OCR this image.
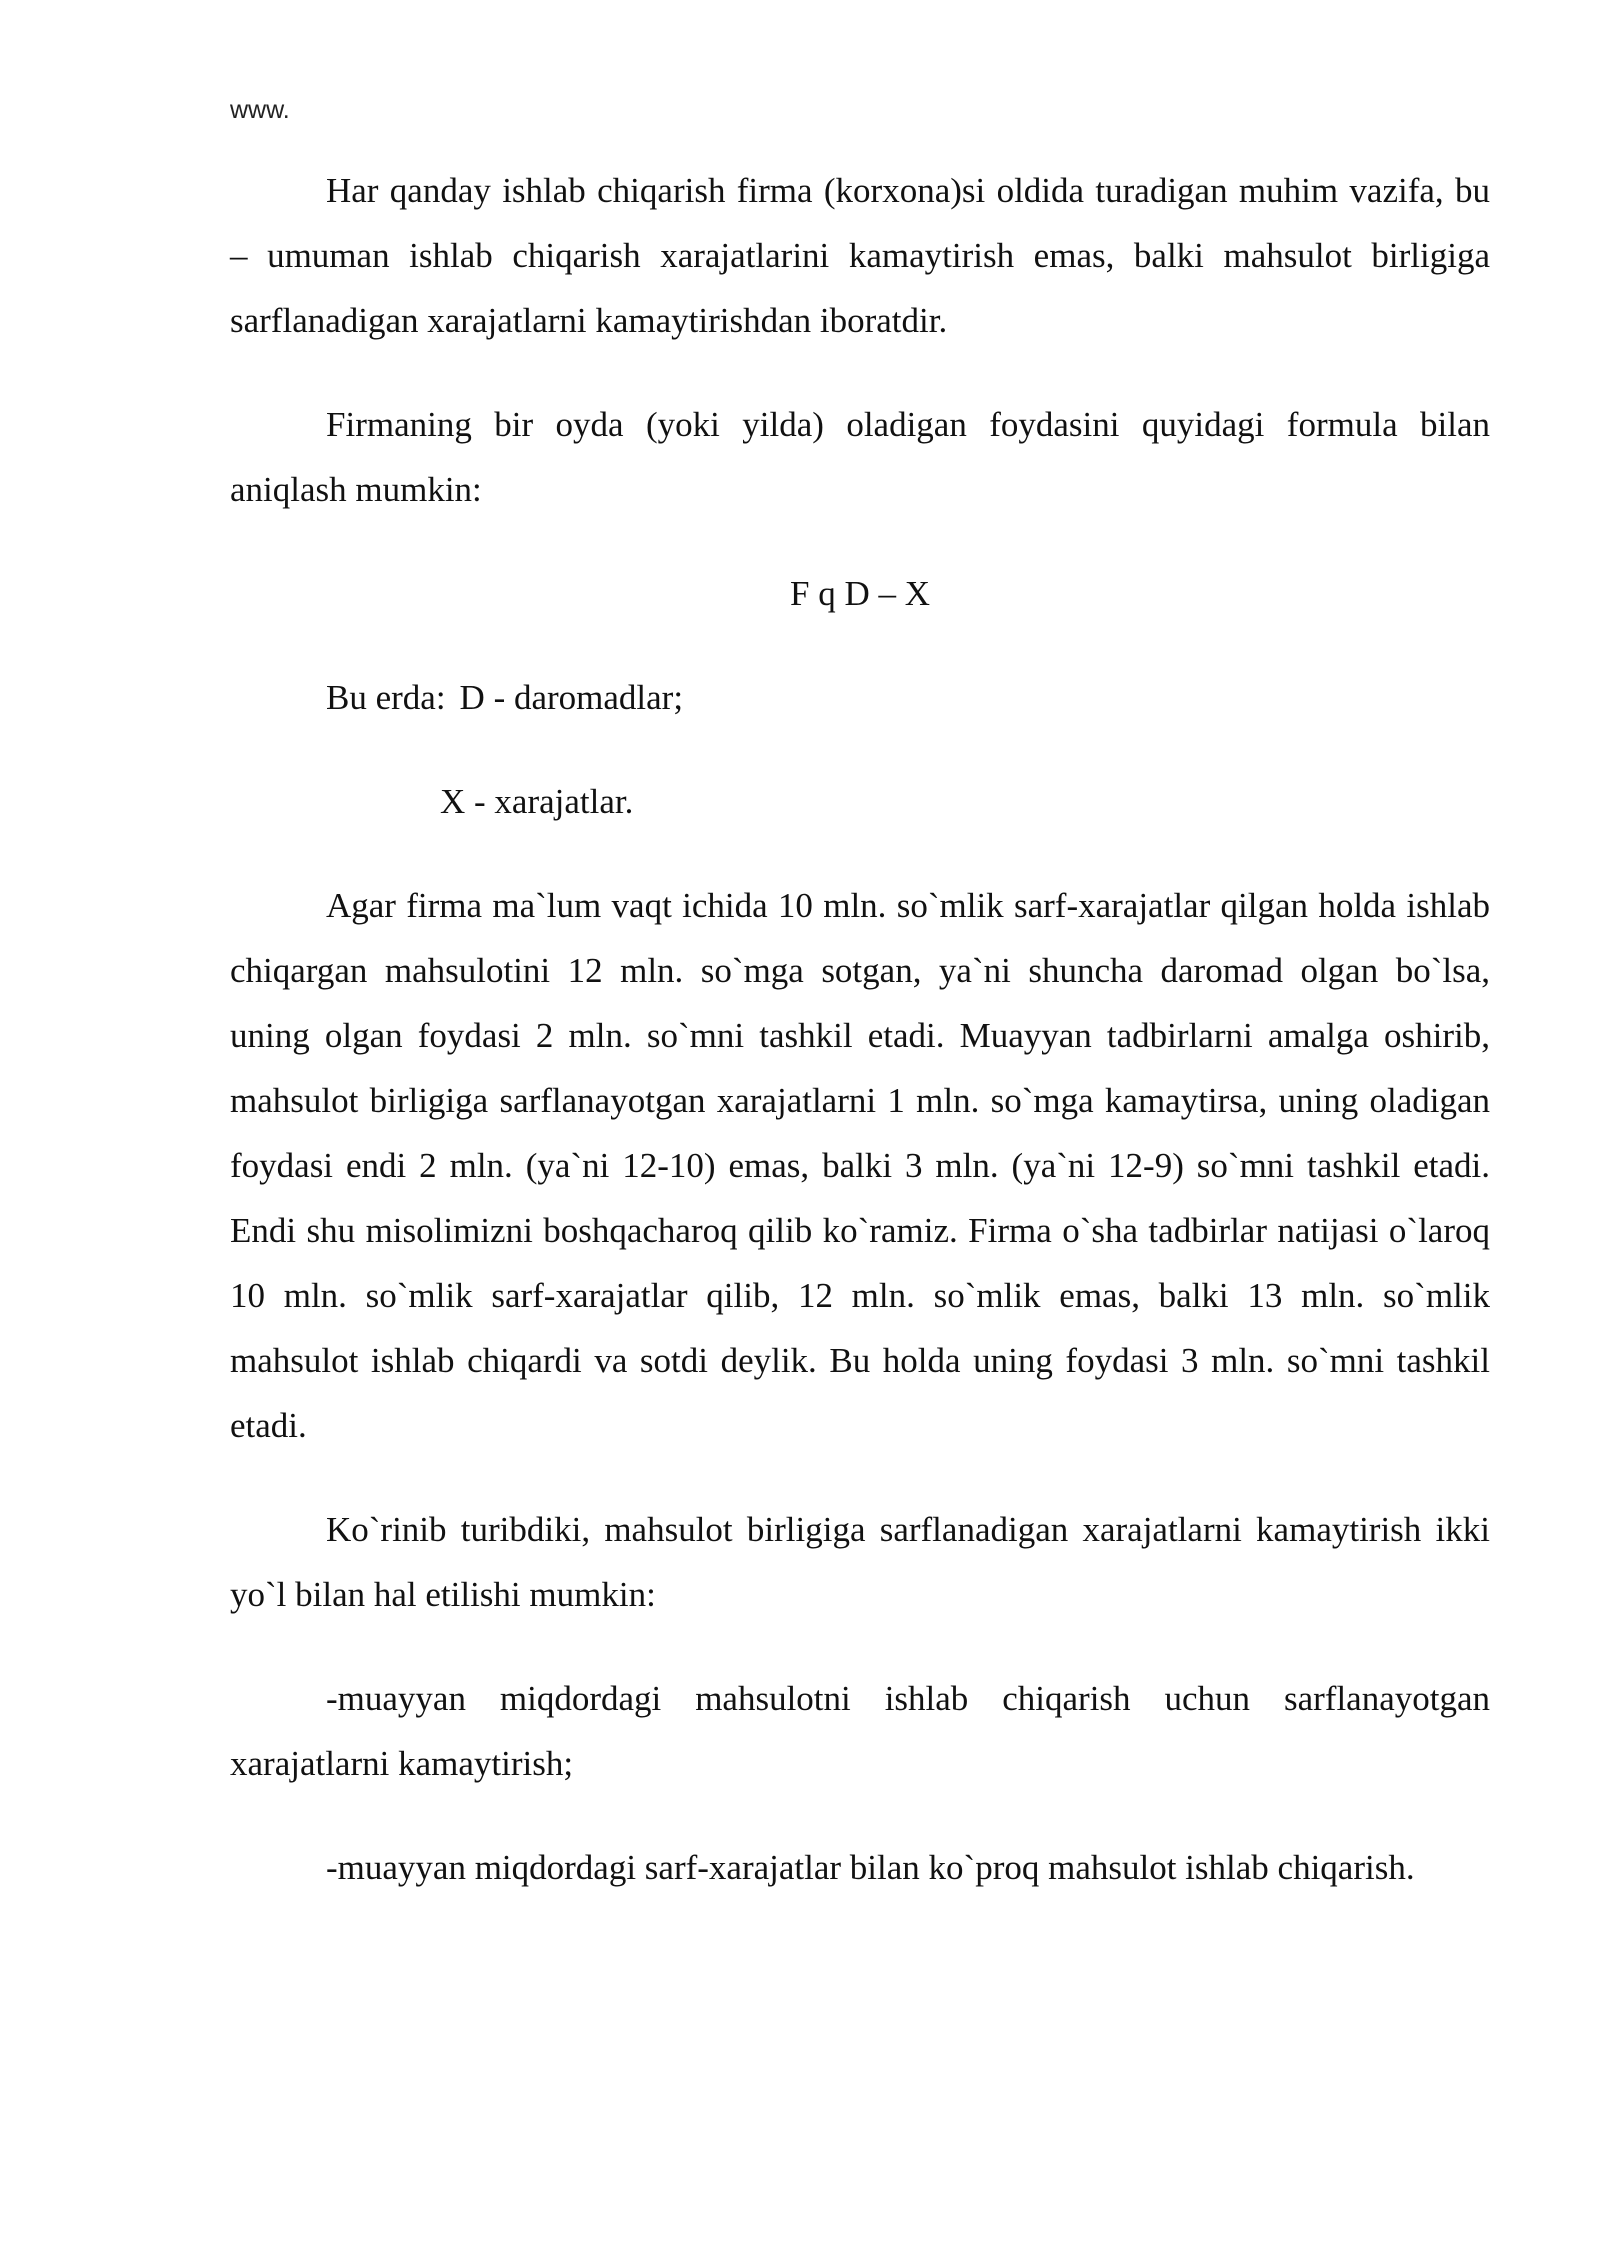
www.

Har qanday ishlab chiqarish firma (korxona)si oldida turadigan muhim vazifa, bu – umuman ishlab chiqarish xarajatlarini kamaytirish emas, balki mahsulot birligiga sarflanadigan xarajatlarni kamaytirishdan iboratdir.

Firmaning bir oyda (yoki yilda) oladigan foydasini quyidagi formula bilan aniqlash mumkin:

F q D – X

Bu erda: D - daromadlar;

X - xarajatlar.

Agar firma ma`lum vaqt ichida 10 mln. so`mlik sarf-xarajatlar qilgan holda ishlab chiqargan mahsulotini 12 mln. so`mga sotgan, ya`ni shuncha daromad olgan bo`lsa, uning olgan foydasi 2 mln. so`mni tashkil etadi. Muayyan tadbirlarni amalga oshirib, mahsulot birligiga sarflanayotgan xarajatlarni 1 mln. so`mga kamaytirsa, uning oladigan foydasi endi 2 mln. (ya`ni 12-10) emas, balki 3 mln. (ya`ni 12-9) so`mni tashkil etadi. Endi shu misolimizni boshqacharoq qilib ko`ramiz. Firma o`sha tadbirlar natijasi o`laroq 10 mln. so`mlik sarf-xarajatlar qilib, 12 mln. so`mlik emas, balki 13 mln. so`mlik mahsulot ishlab chiqardi va sotdi deylik. Bu holda uning foydasi 3 mln. so`mni tashkil etadi.

Ko`rinib turibdiki, mahsulot birligiga sarflanadigan xarajatlarni kamaytirish ikki yo`l bilan hal etilishi mumkin:

-muayyan miqdordagi mahsulotni ishlab chiqarish uchun sarflanayotgan xarajatlarni kamaytirish;

-muayyan miqdordagi sarf-xarajatlar bilan ko`proq mahsulot ishlab chiqarish.
